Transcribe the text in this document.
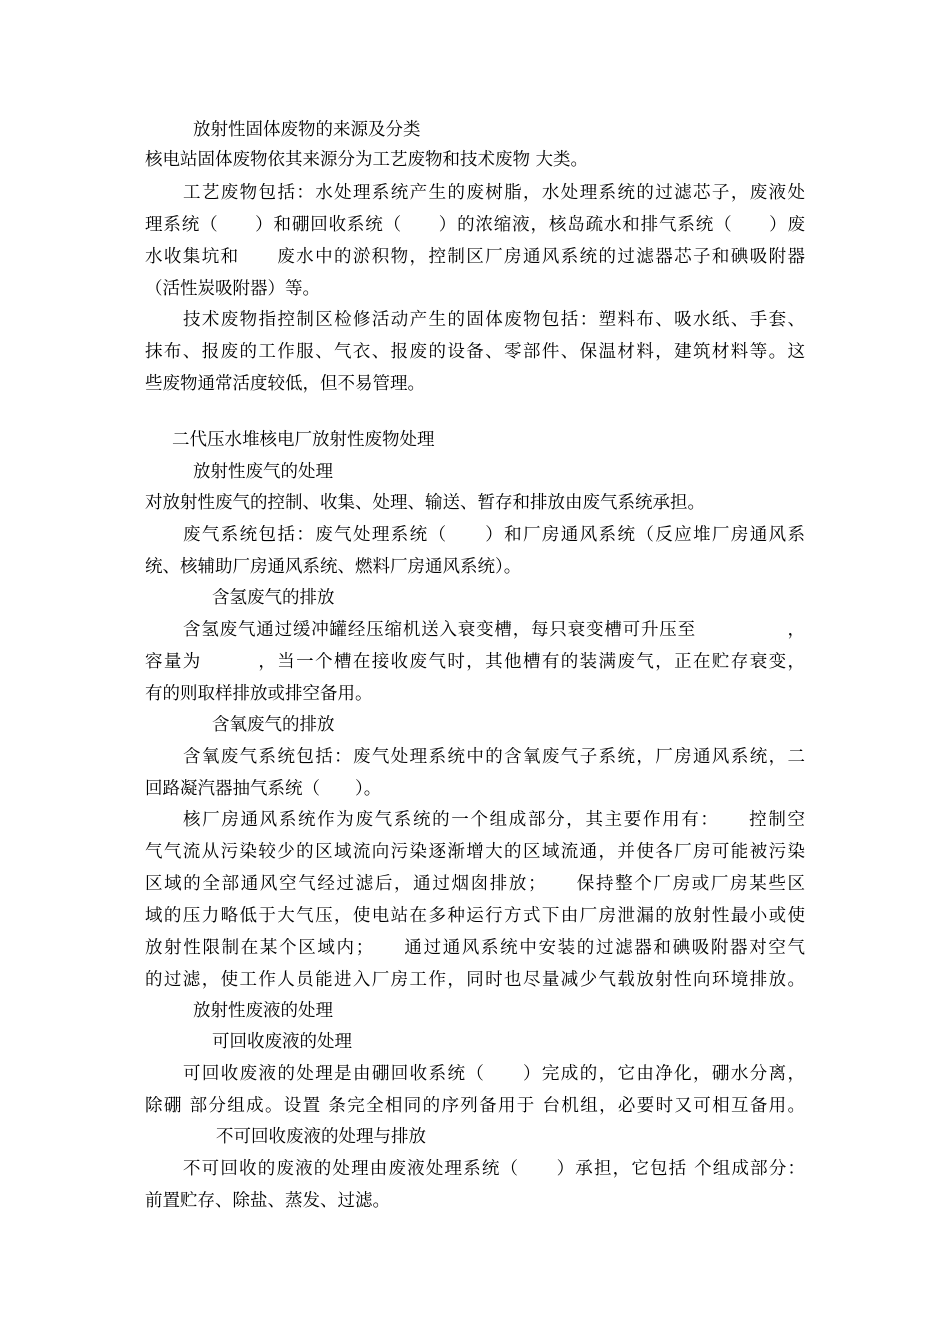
放射性固体废物的来源及分类
核电站固体废物依其来源分为工艺废物和技术废物 大类。
工艺废物包括：水处理系统产生的废树脂，水处理系统的过滤芯子，废液处
理系统（　　）和硼回收系统（　　）的浓缩液，核岛疏水和排气系统（　　）废
水收集坑和　　废水中的淤积物，控制区厂房通风系统的过滤器芯子和碘吸附器
（活性炭吸附器）等。
技术废物指控制区检修活动产生的固体废物包括：塑料布、吸水纸、手套、
抹布、报废的工作服、气衣、报废的设备、零部件、保温材料，建筑材料等。这
些废物通常活度较低，但不易管理。
二代压水堆核电厂放射性废物处理
放射性废气的处理
对放射性废气的控制、收集、处理、输送、暂存和排放由废气系统承担。
废气系统包括：废气处理系统（　　）和厂房通风系统（反应堆厂房通风系
统、核辅助厂房通风系统、燃料厂房通风系统）。
含氢废气的排放
含氢废气通过缓冲罐经压缩机送入衰变槽，每只衰变槽可升压至　　　　　，
容量为　　　，当一个槽在接收废气时，其他槽有的装满废气，正在贮存衰变，
有的则取样排放或排空备用。
含氧废气的排放
含氧废气系统包括：废气处理系统中的含氧废气子系统，厂房通风系统，二
回路凝汽器抽气系统（　　）。
核厂房通风系统作为废气系统的一个组成部分，其主要作用有：　　控制空
气气流从污染较少的区域流向污染逐渐增大的区域流通，并使各厂房可能被污染
区域的全部通风空气经过滤后，通过烟囱排放；　　保持整个厂房或厂房某些区
域的压力略低于大气压，使电站在多种运行方式下由厂房泄漏的放射性最小或使
放射性限制在某个区域内；　　通过通风系统中安装的过滤器和碘吸附器对空气
的过滤，使工作人员能进入厂房工作，同时也尽量减少气载放射性向环境排放。
放射性废液的处理
可回收废液的处理
可回收废液的处理是由硼回收系统（　　）完成的，它由净化，硼水分离，
除硼 部分组成。设置 条完全相同的序列备用于 台机组，必要时又可相互备用。
不可回收废液的处理与排放
不可回收的废液的处理由废液处理系统（　　）承担，它包括 个组成部分：
前置贮存、除盐、蒸发、过滤。
